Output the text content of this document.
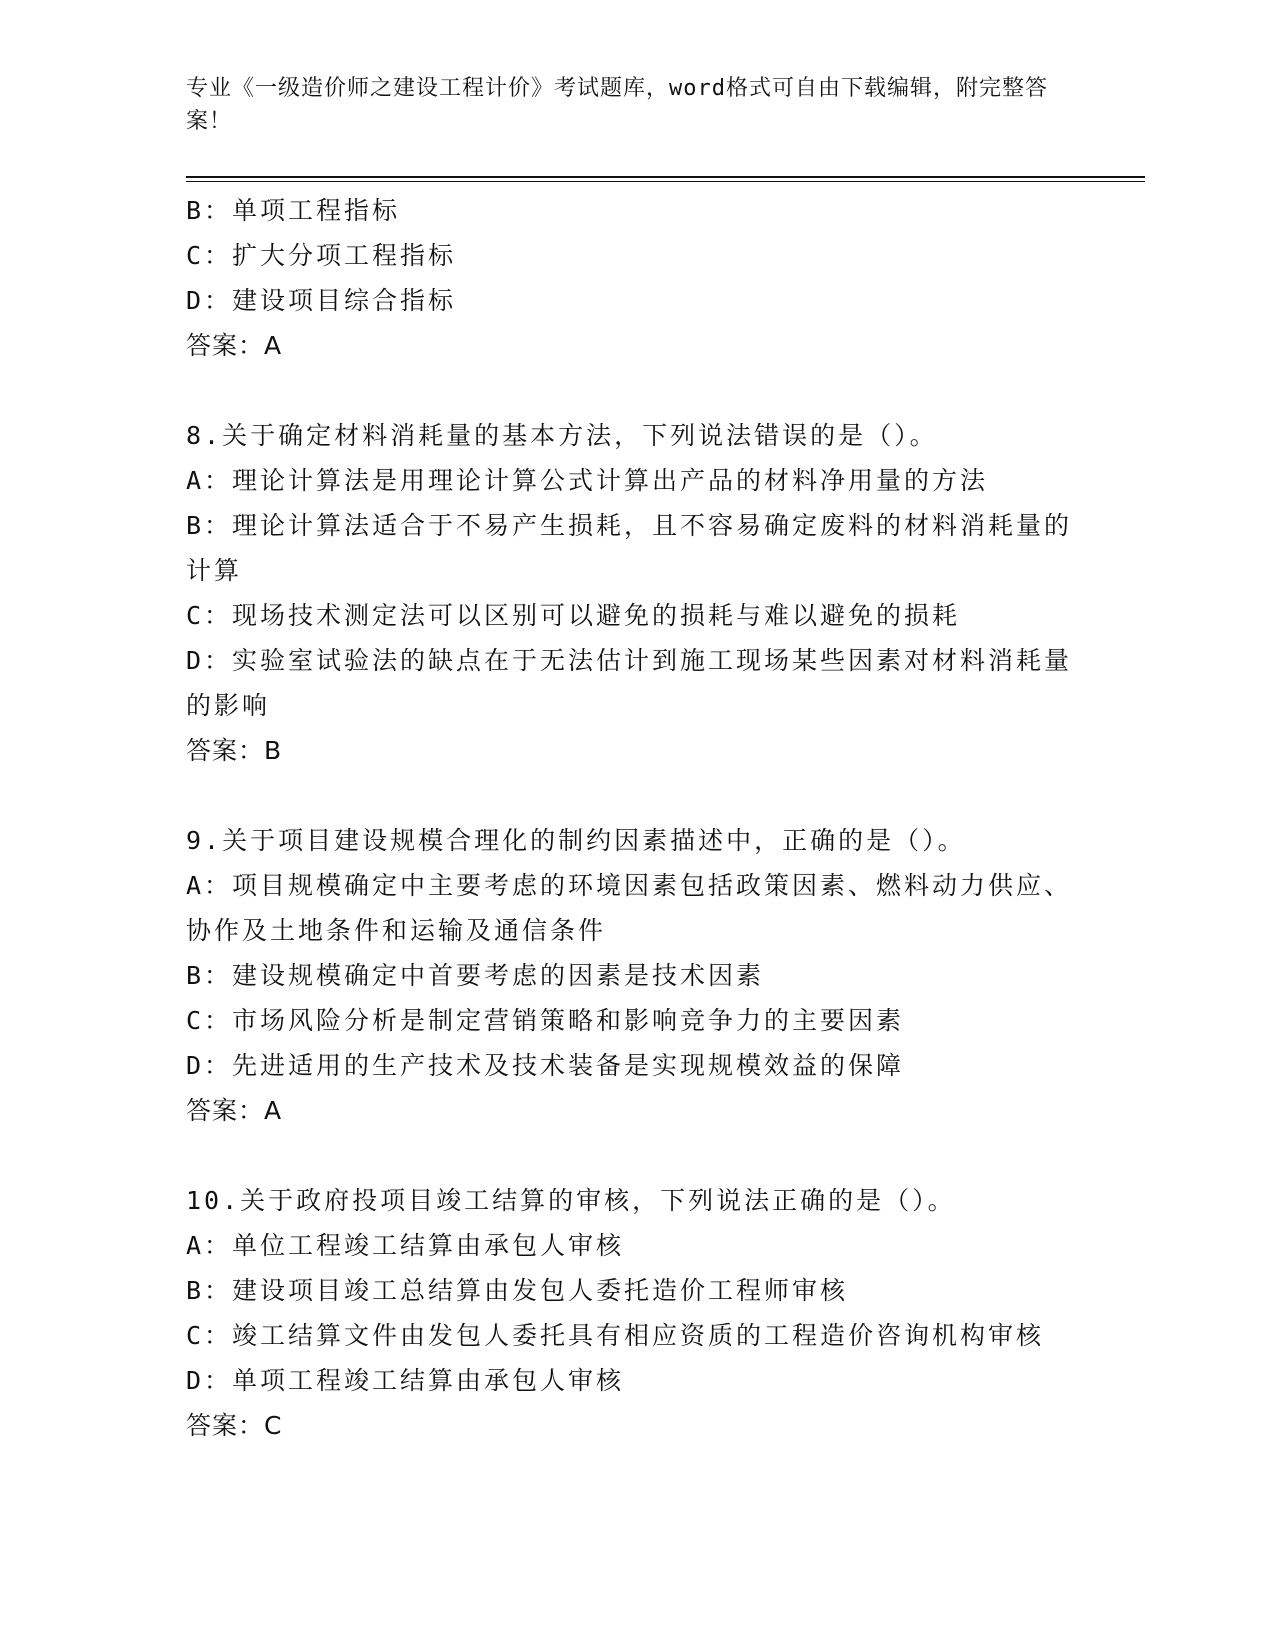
专业《一级造价师之建设工程计价》考试题库，word格式可自由下载编辑，附完整答案！
B：单项工程指标
C：扩大分项工程指标
D：建设项目综合指标
答案：A
8.关于确定材料消耗量的基本方法，下列说法错误的是（）。
A：理论计算法是用理论计算公式计算出产品的材料净用量的方法
B：理论计算法适合于不易产生损耗，且不容易确定废料的材料消耗量的计算
C：现场技术测定法可以区别可以避免的损耗与难以避免的损耗
D：实验室试验法的缺点在于无法估计到施工现场某些因素对材料消耗量的影响
答案：B
9.关于项目建设规模合理化的制约因素描述中，正确的是（）。
A：项目规模确定中主要考虑的环境因素包括政策因素、燃料动力供应、协作及土地条件和运输及通信条件
B：建设规模确定中首要考虑的因素是技术因素
C：市场风险分析是制定营销策略和影响竞争力的主要因素
D：先进适用的生产技术及技术装备是实现规模效益的保障
答案：A
10.关于政府投项目竣工结算的审核，下列说法正确的是（）。
A：单位工程竣工结算由承包人审核
B：建设项目竣工总结算由发包人委托造价工程师审核
C：竣工结算文件由发包人委托具有相应资质的工程造价咨询机构审核
D：单项工程竣工结算由承包人审核
答案：C
